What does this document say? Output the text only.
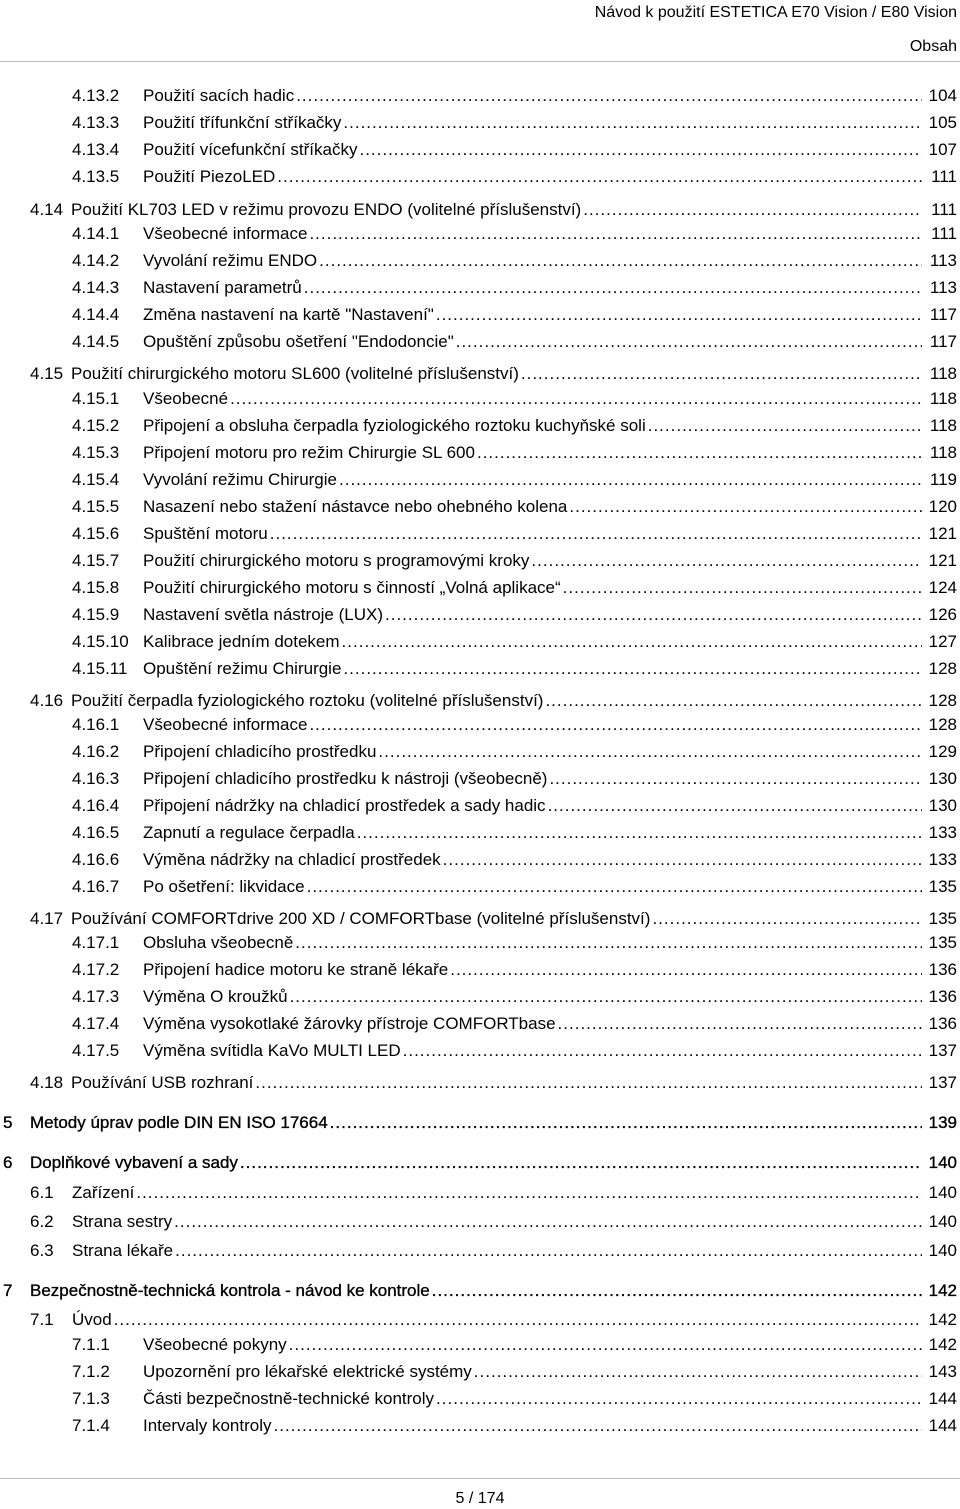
Návod k použití ESTETICA E70 Vision / E80 Vision
Obsah
4.13.2 Použití sacích hadic .....	104
4.13.3 Použití třífunkční stříkačky .....	105
4.13.4 Použití vícefunkční stříkačky .....	107
4.13.5 Použití PiezoLED .....	111
4.14 Použití KL703 LED v režimu provozu ENDO (volitelné příslušenství) .....	111
4.14.1 Všeobecné informace .....	111
4.14.2 Vyvolání režimu ENDO .....	113
4.14.3 Nastavení parametrů .....	113
4.14.4 Změna nastavení na kartě "Nastavení" .....	117
4.14.5 Opuštění způsobu ošetření "Endodoncie" .....	117
4.15 Použití chirurgického motoru SL600 (volitelné příslušenství) .....	118
4.15.1 Všeobecné .....	118
4.15.2 Připojení a obsluha čerpadla fyziologického roztoku kuchyňské soli .....	118
4.15.3 Připojení motoru pro režim Chirurgie SL 600 .....	118
4.15.4 Vyvolání režimu Chirurgie .....	119
4.15.5 Nasazení nebo stažení nástavce nebo ohebného kolena .....	120
4.15.6 Spuštění motoru .....	121
4.15.7 Použití chirurgického motoru s programovými kroky .....	121
4.15.8 Použití chirurgického motoru s činností „Volná aplikace“ .....	124
4.15.9 Nastavení světla nástroje (LUX) .....	126
4.15.10 Kalibrace jedním dotekem .....	127
4.15.11 Opuštění režimu Chirurgie .....	128
4.16 Použití čerpadla fyziologického roztoku (volitelné příslušenství) .....	128
4.16.1 Všeobecné informace .....	128
4.16.2 Připojení chladicího prostředku .....	129
4.16.3 Připojení chladicího prostředku k nástroji (všeobecně) .....	130
4.16.4 Připojení nádržky na chladicí prostředek a sady hadic .....	130
4.16.5 Zapnutí a regulace čerpadla .....	133
4.16.6 Výměna nádržky na chladicí prostředek .....	133
4.16.7 Po ošetření: likvidace .....	135
4.17 Používání COMFORTdrive 200 XD / COMFORTbase (volitelné příslušenství) .....	135
4.17.1 Obsluha všeobecně .....	135
4.17.2 Připojení hadice motoru ke straně lékaře .....	136
4.17.3 Výměna O kroužků .....	136
4.17.4 Výměna vysokotlaké žárovky přístroje COMFORTbase .....	136
4.17.5 Výměna svítidla KaVo MULTI LED .....	137
4.18 Používání USB rozhraní .....	137
5 Metody úprav podle DIN EN ISO 17664 .....	139
6 Doplňkové vybavení a sady .....	140
6.1 Zařízení .....	140
6.2 Strana sestry .....	140
6.3 Strana lékaře .....	140
7 Bezpečnostně-technická kontrola - návod ke kontrole .....	142
7.1 Úvod .....	142
7.1.1 Všeobecné pokyny .....	142
7.1.2 Upozornění pro lékařské elektrické systémy .....	143
7.1.3 Části bezpečnostně-technické kontroly .....	144
7.1.4 Intervaly kontroly .....	144
5 / 174
